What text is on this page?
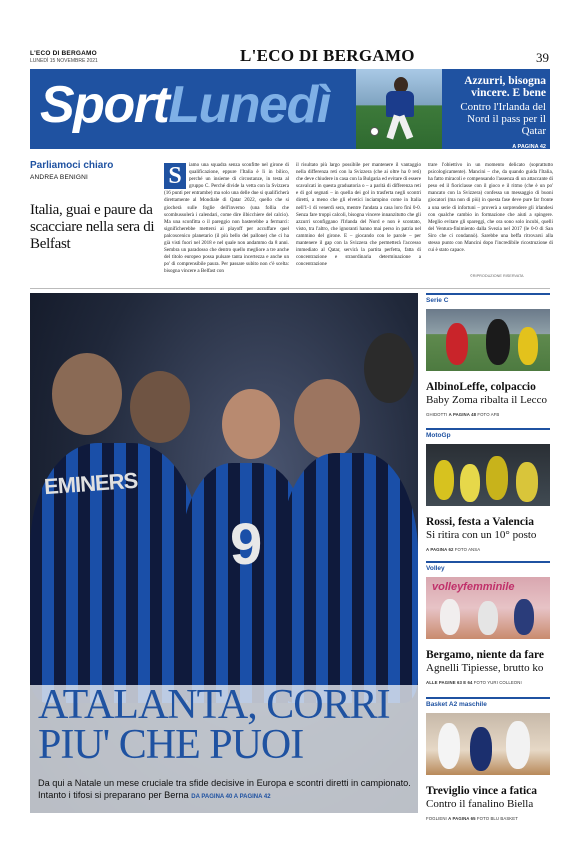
L'ECO DI BERGAMO
LUNEDÌ 15 NOVEMBRE 2021	L'ECO DI BERGAMO	39
SportLunedì	Azzurri, bisogna vincere. E bene
Contro l'Irlanda del Nord il pass per il Qatar
A PAGINA 42
Parliamoci chiaro
ANDREA BENIGNI
Italia, guai e paure da scacciare nella sera di Belfast
S	iamo una squadra senza sconfitte nel girone di qualificazione, eppure l'Italia è lì in bilico, perché un insieme di circostanze, in testa al gruppo C. Perché divide la vetta con la Svizzera (16 punti per entrambe) ma solo una delle due si qualificherà direttamente al Mondiale di Qatar 2022, quello che si giocherà sulle foglie dell'inverno (una follia che scombussolerà i calendari, come dire ilbicchiere del calcio). Ma una sconfitta o il pareggio non basterebbe a fermarci: significherebbe mettersi ai playoff per accuffare quel palcoscenico planetario (il più bello del pallone) che ci ha già visti fuori nel 2018 e nel quale non andammo da 8 anni. Sembra un paradosso che dentro quello megliore a tre anche del titolo europeo possa pulsare tanta incertezza e anche un po' di comprensibile paura. Per passare subito non c'è scelta: bisogna vincere a Belfast con
il risultato più largo possibile per mantenere il vantaggio nella differenza reti con la Svizzera (che ai oltre ha 0 reti) che deve chiudere in casa con la Bulgaria ed evitare di essere scavalcati in questa graduatoria o – a parità di differenza reti e di gol segnati – in quella dei gol in trasferta negli scontri diretti, a meno che gli elvetici inciampino come in Italia nell'1-1 di venerdì sera, mentre l'andata a casa loro finì 0-0. Senza fare troppi calcoli, bisogna vincere innanzitutto che gli azzurri sconfiggano l'Irlanda del Nord e non è scontato, visto, tra l'altro, che ignoranti hanno mai perso in patria nel cammino del girone. E – giocando con le parole – per mantenere il gap con la Svizzera che permetterà l'accesso immediato al Qatar, servirà la partita perfetta, fatta di concentrazione e straordinaria determinazione a concentrazione
trare l'obiettivo in un momento delicato (soprattutto psicologicamente). Mancini – che, da quando guida l'Italia, ha fatto miracoli e compensando l'assenza di un attaccante di peso ed il fioriclasse con il gioco e il ritmo (che è un po' mancato con la Svizzera) confessa un messaggio di buoni giocatori (ma non di più) in questa fase deve pure far fronte a una serie di infortuni – proverà a sorprendere gli irlandesi con qualche cambio in formazione che aiuti a spingere. Meglio evitare gli spareggi, che ora sono solo incubi, quelli del Ventura-finimiento dalla Svezia nel 2017 (le 0-0 di San Siro che ci condannò). Sarebbe una beffa ritrovarsi alla stesso punto con Mancini dopo l'incredibile ricostruzione di cui è stato capace.
©RIPRODUZIONE RISERVATA
EMINERS
9
ATALANTA, CORRI PIU' CHE PUOI

Da qui a Natale un mese cruciale tra sfide decisive in Europa e scontri diretti in campionato. Intanto i tifosi si preparano per Berna DA PAGINA 40 A PAGINA 42

Serie C
AlbinoLeffe, colpaccio
Baby Zoma ribalta il Lecco
GHIDOTTI A PAGINA 48 FOTO AFB
MotoGp
Rossi, festa a Valencia
Si ritira con un 10° posto
A PAGINA 62 FOTO ANSA
Volley
volleyfemminile
Bergamo, niente da fare
Agnelli Tipiesse, brutto ko
ALLE PAGINE 63 E 64 FOTO YURI COLLEONI
Basket A2 maschile
Treviglio vince a fatica
Contro il fanalino Biella
FOGLIENI A PAGINA 65 FOTO BLU BASKET
